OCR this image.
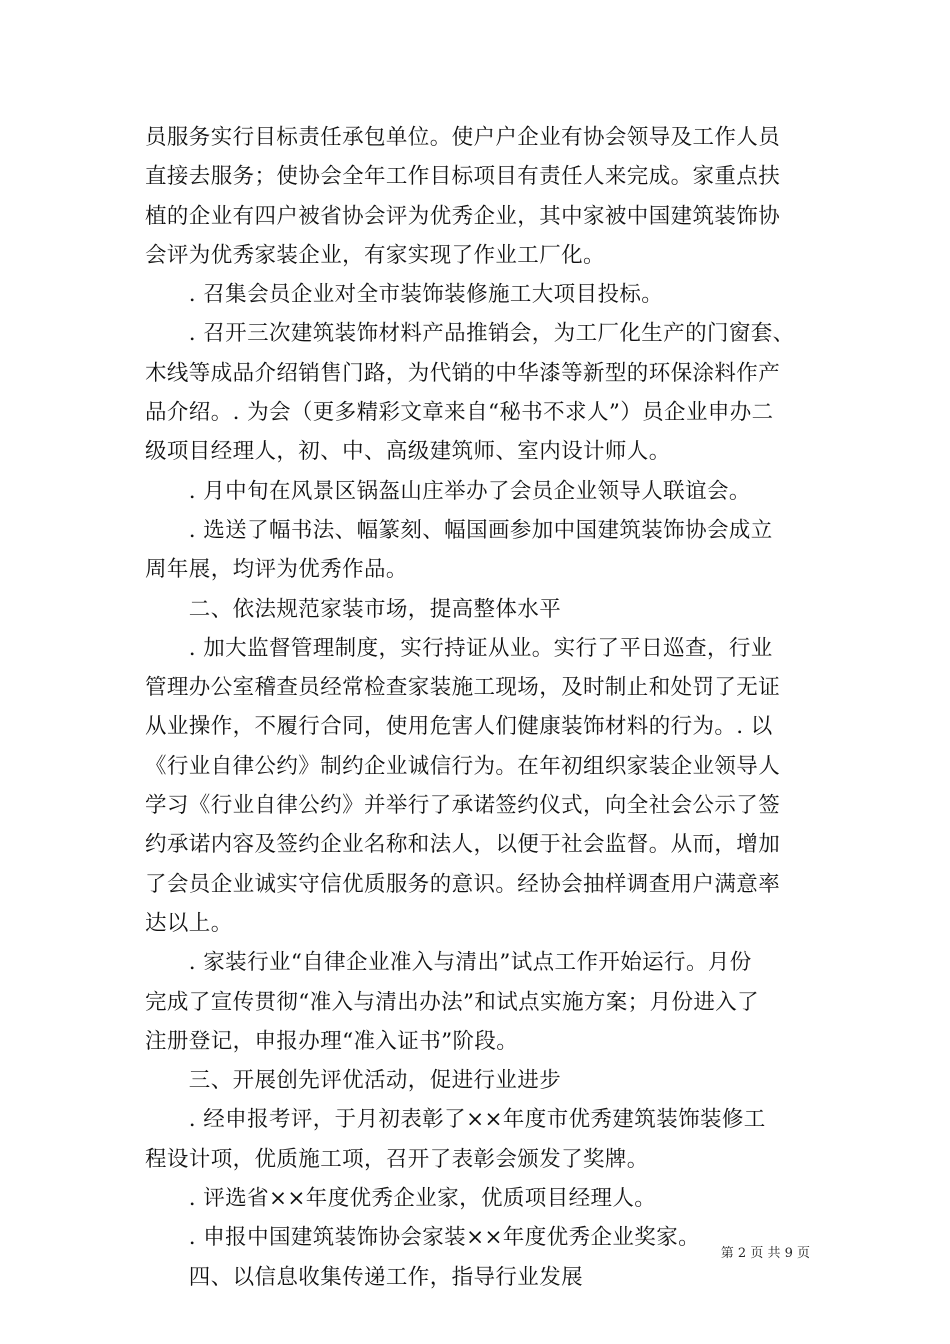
员服务实行目标责任承包单位。使户户企业有协会领导及工作人员
直接去服务；使协会全年工作目标项目有责任人来完成。家重点扶
植的企业有四户被省协会评为优秀企业，其中家被中国建筑装饰协
会评为优秀家装企业，有家实现了作业工厂化。
　　. 召集会员企业对全市装饰装修施工大项目投标。
　　. 召开三次建筑装饰材料产品推销会，为工厂化生产的门窗套、
木线等成品介绍销售门路，为代销的中华漆等新型的环保涂料作产
品介绍。. 为会（更多精彩文章来自“秘书不求人”）员企业申办二
级项目经理人，初、中、高级建筑师、室内设计师人。
　　. 月中旬在风景区锅盔山庄举办了会员企业领导人联谊会。
　　. 选送了幅书法、幅篆刻、幅国画参加中国建筑装饰协会成立
周年展，均评为优秀作品。
　　二、依法规范家装市场，提高整体水平
　　. 加大监督管理制度，实行持证从业。实行了平日巡查，行业
管理办公室稽查员经常检查家装施工现场，及时制止和处罚了无证
从业操作，不履行合同，使用危害人们健康装饰材料的行为。. 以
《行业自律公约》制约企业诚信行为。在年初组织家装企业领导人
学习《行业自律公约》并举行了承诺签约仪式，向全社会公示了签
约承诺内容及签约企业名称和法人，以便于社会监督。从而，增加
了会员企业诚实守信优质服务的意识。经协会抽样调查用户满意率
达以上。
　　. 家装行业“自律企业准入与清出”试点工作开始运行。月份
完成了宣传贯彻“准入与清出办法”和试点实施方案；月份进入了
注册登记，申报办理“准入证书”阶段。
　　三、开展创先评优活动，促进行业进步
　　. 经申报考评，于月初表彰了××年度市优秀建筑装饰装修工
程设计项，优质施工项，召开了表彰会颁发了奖牌。
　　. 评选省××年度优秀企业家，优质项目经理人。
　　. 申报中国建筑装饰协会家装××年度优秀企业奖家。
　　四、以信息收集传递工作，指导行业发展
第 2 页 共 9 页
